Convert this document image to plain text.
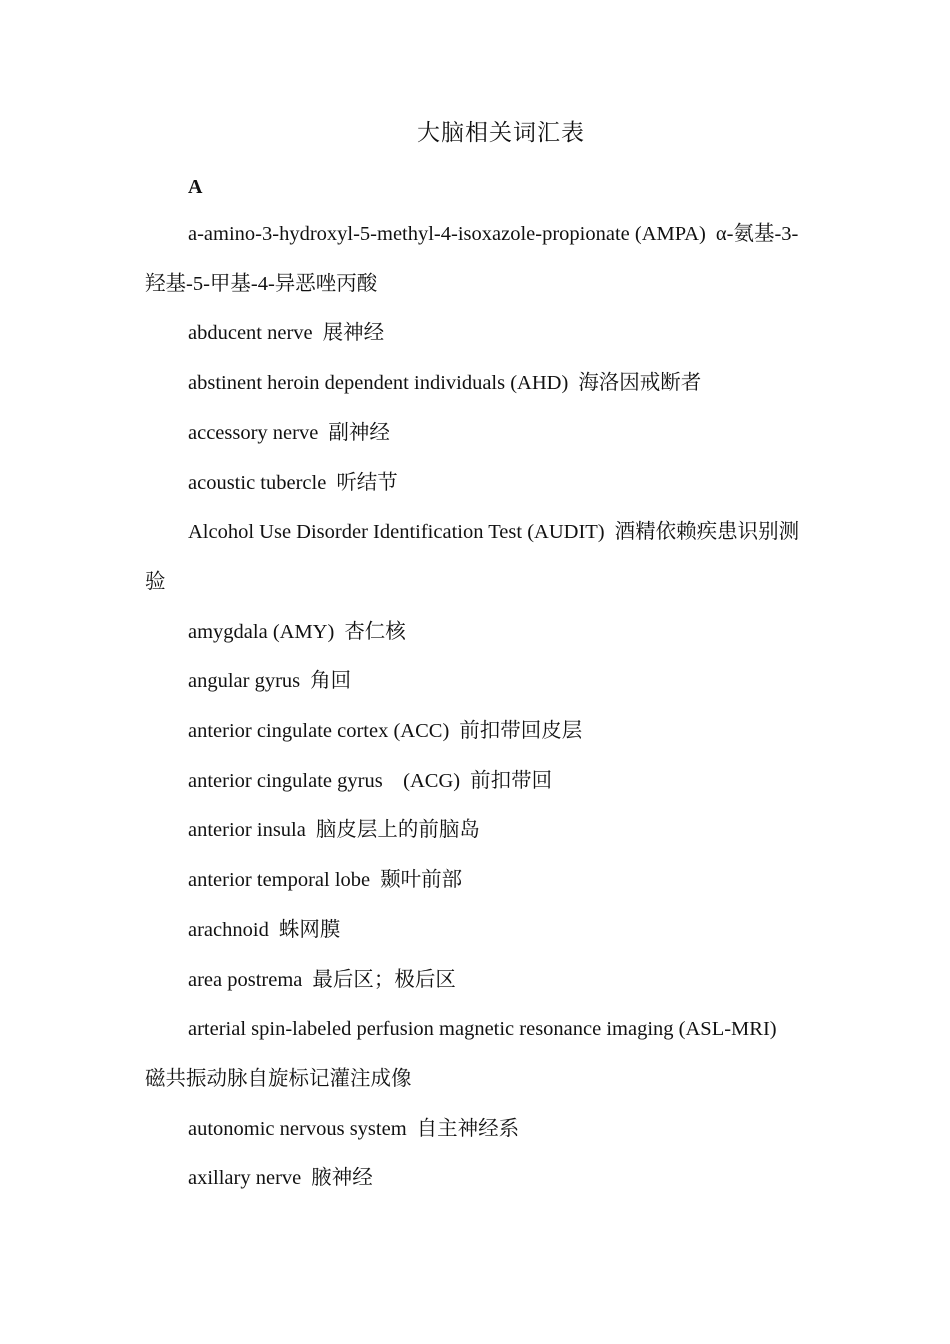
大脑相关词汇表
A

a-amino-3-hydroxyl-5-methyl-4-isoxazole-propionate (AMPA) α-氨基-3-羟基-5-甲基-4-异恶唑丙酸

abducent nerve 展神经

abstinent heroin dependent individuals (AHD) 海洛因戒断者

accessory nerve 副神经

acoustic tubercle 听结节

Alcohol Use Disorder Identification Test (AUDIT) 酒精依赖疾患识别测验

amygdala (AMY) 杏仁核

angular gyrus 角回

anterior cingulate cortex (ACC) 前扣带回皮层

anterior cingulate gyrus　(ACG) 前扣带回

anterior insula 脑皮层上的前脑岛

anterior temporal lobe 颞叶前部

arachnoid 蛛网膜

area postrema 最后区；极后区

arterial spin-labeled perfusion magnetic resonance imaging (ASL-MRI)磁共振动脉自旋标记灌注成像

autonomic nervous system 自主神经系

axillary nerve 腋神经
